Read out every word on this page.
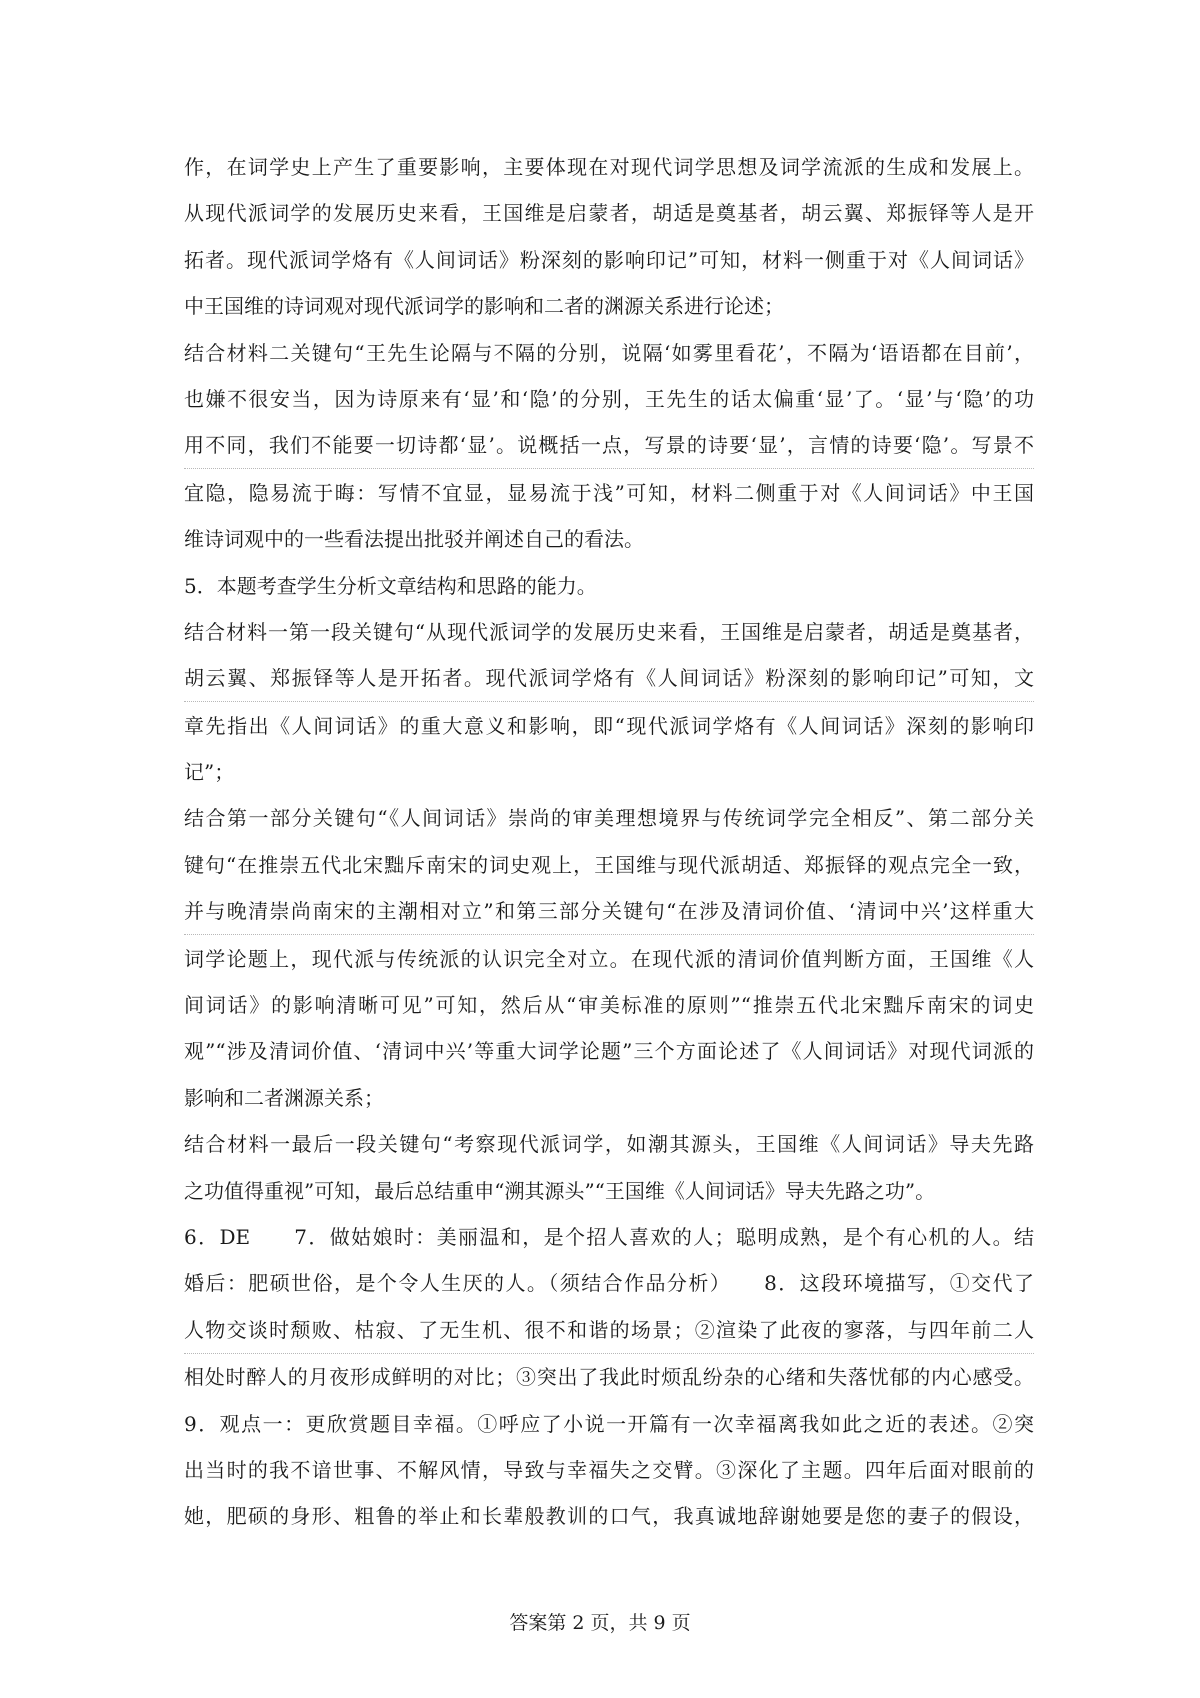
作，在词学史上产生了重要影响，主要体现在对现代词学思想及词学流派的生成和发展上。
从现代派词学的发展历史来看，王国维是启蒙者，胡适是奠基者，胡云翼、郑振铎等人是开
拓者。现代派词学烙有《人间词话》粉深刻的影响印记”可知，材料一侧重于对《人间词话》
中王国维的诗词观对现代派词学的影响和二者的渊源关系进行论述；
结合材料二关键句“王先生论隔与不隔的分别，说隔‘如雾里看花’，不隔为‘语语都在目前’，
也嫌不很安当，因为诗原来有‘显’和‘隐’的分别，王先生的话太偏重‘显’了。‘显’与‘隐’的功
用不同，我们不能要一切诗都‘显’。说概括一点，写景的诗要‘显’，言情的诗要‘隐’。写景不
宜隐，隐易流于晦：写情不宜显，显易流于浅”可知，材料二侧重于对《人间词话》中王国
维诗词观中的一些看法提出批驳并阐述自己的看法。
5．本题考查学生分析文章结构和思路的能力。
结合材料一第一段关键句“从现代派词学的发展历史来看，王国维是启蒙者，胡适是奠基者，
胡云翼、郑振铎等人是开拓者。现代派词学烙有《人间词话》粉深刻的影响印记”可知，文
章先指出《人间词话》的重大意义和影响，即“现代派词学烙有《人间词话》深刻的影响印
记”；
结合第一部分关键句“《人间词话》崇尚的审美理想境界与传统词学完全相反”、第二部分关
键句“在推崇五代北宋黜斥南宋的词史观上，王国维与现代派胡适、郑振铎的观点完全一致，
并与晚清崇尚南宋的主潮相对立”和第三部分关键句“在涉及清词价值、‘清词中兴’这样重大
词学论题上，现代派与传统派的认识完全对立。在现代派的清词价值判断方面，王国维《人
间词话》的影响清晰可见”可知，然后从“审美标准的原则”“推崇五代北宋黜斥南宋的词史
观”“涉及清词价值、‘清词中兴’等重大词学论题”三个方面论述了《人间词话》对现代词派的
影响和二者渊源关系；
结合材料一最后一段关键句“考察现代派词学，如潮其源头，王国维《人间词话》导夫先路
之功值得重视”可知，最后总结重申“溯其源头”“王国维《人间词话》导夫先路之功”。
6．DE　　7．做姑娘时：美丽温和，是个招人喜欢的人；聪明成熟，是个有心机的人。结
婚后：肥硕世俗，是个令人生厌的人。（须结合作品分析）　　8．这段环境描写，①交代了
人物交谈时颓败、枯寂、了无生机、很不和谐的场景；②渲染了此夜的寥落，与四年前二人
相处时醉人的月夜形成鲜明的对比；③突出了我此时烦乱纷杂的心绪和失落忧郁的内心感受。
9．观点一：更欣赏题目幸福。①呼应了小说一开篇有一次幸福离我如此之近的表述。②突
出当时的我不谙世事、不解风情，导致与幸福失之交臂。③深化了主题。四年后面对眼前的
她，肥硕的身形、粗鲁的举止和长辈般教训的口气，我真诚地辞谢她要是您的妻子的假设，
答案第 2 页，共 9 页
